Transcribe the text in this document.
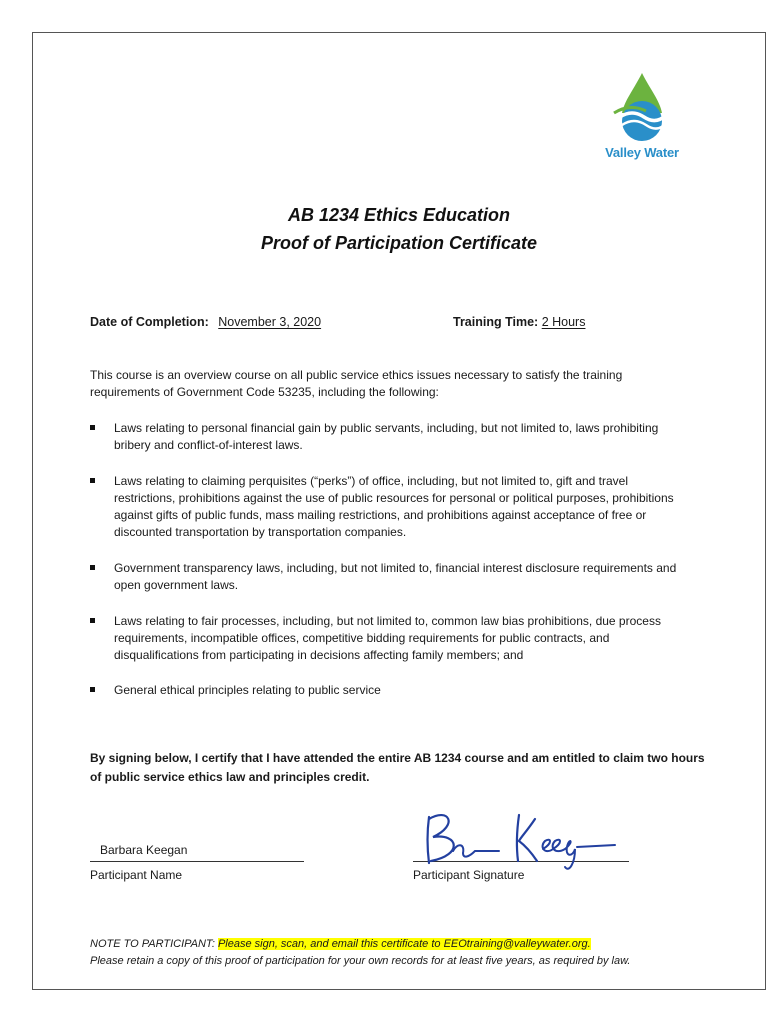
Valley Water
AB 1234 Ethics Education
Proof of Participation Certificate
Date of Completion: November 3, 2020	Training Time: 2 Hours
This course is an overview course on all public service ethics issues necessary to satisfy the training requirements of Government Code 53235, including the following:
Laws relating to personal financial gain by public servants, including, but not limited to, laws prohibiting bribery and conflict-of-interest laws.
Laws relating to claiming perquisites (“perks”) of office, including, but not limited to, gift and travel restrictions, prohibitions against the use of public resources for personal or political purposes, prohibitions against gifts of public funds, mass mailing restrictions, and prohibitions against acceptance of free or discounted transportation by transportation companies.
Government transparency laws, including, but not limited to, financial interest disclosure requirements and open government laws.
Laws relating to fair processes, including, but not limited to, common law bias prohibitions, due process requirements, incompatible offices, competitive bidding requirements for public contracts, and disqualifications from participating in decisions affecting family members; and
General ethical principles relating to public service
By signing below, I certify that I have attended the entire AB 1234 course and am entitled to claim two hours of public service ethics law and principles credit.
Barbara Keegan
Participant Name	Participant Signature
NOTE TO PARTICIPANT: Please sign, scan, and email this certificate to EEOtraining@valleywater.org.
Please retain a copy of this proof of participation for your own records for at least five years, as required by law.
